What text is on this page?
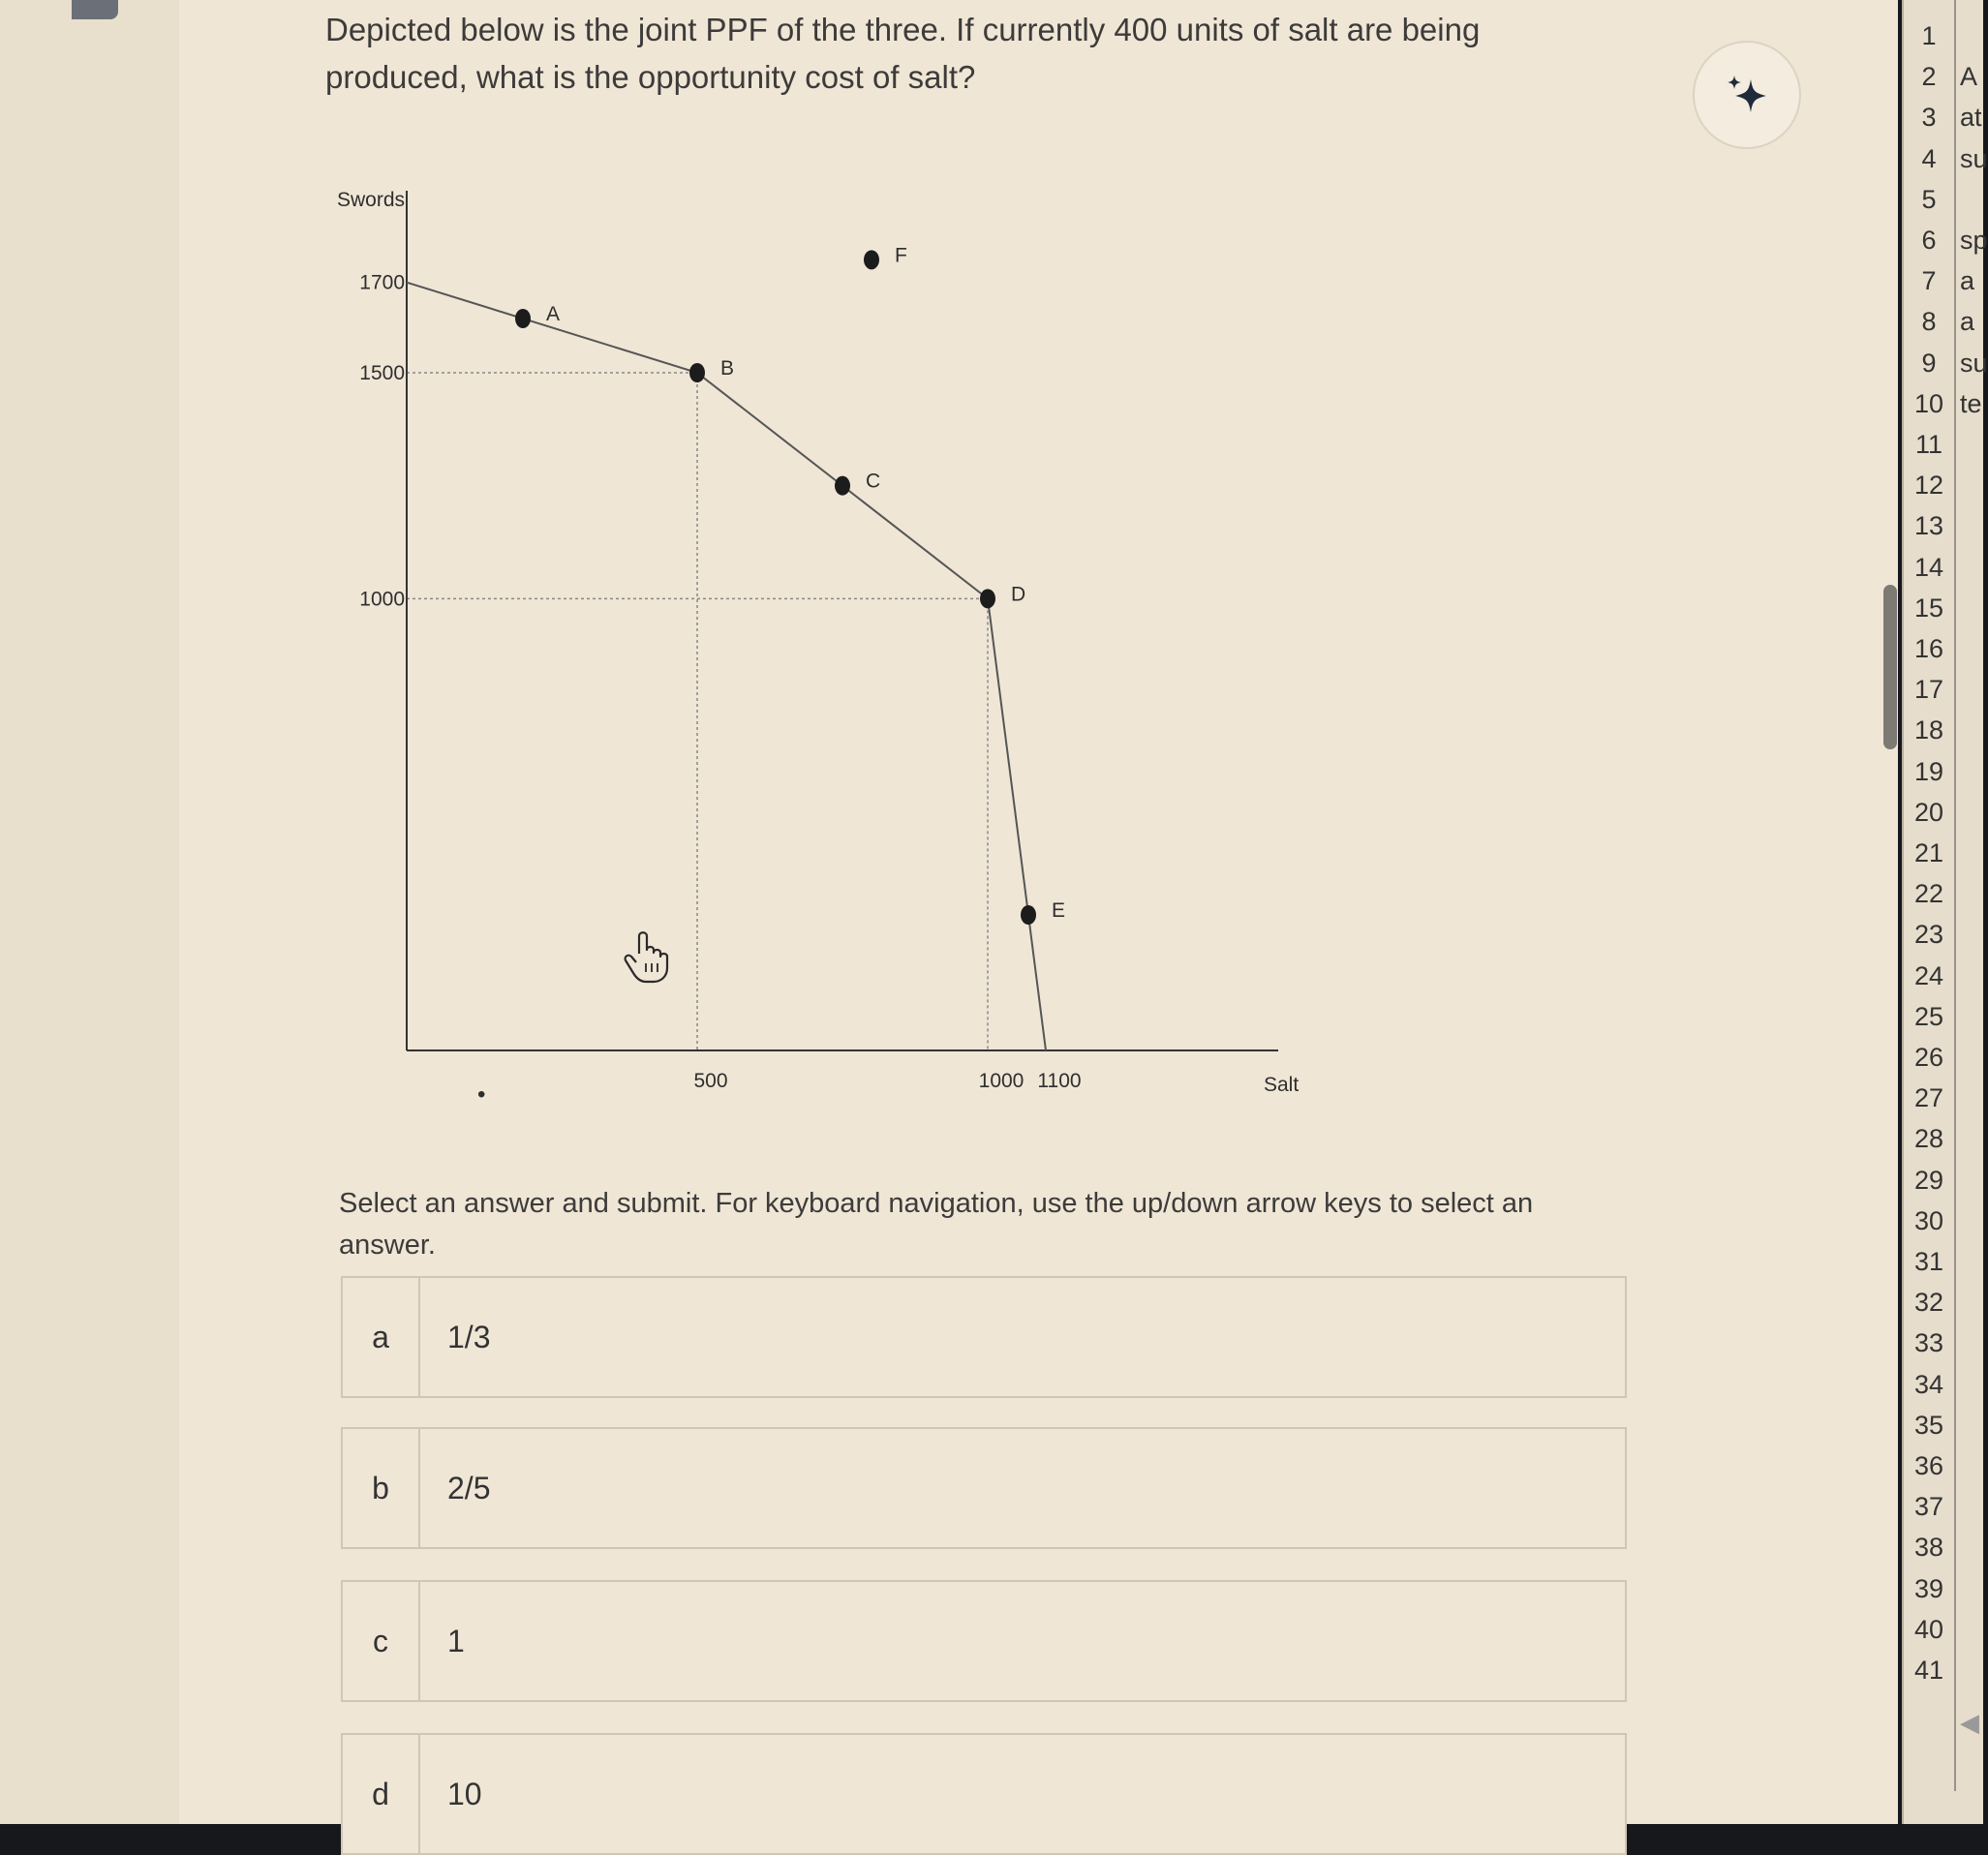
Depicted below is the joint PPF of the three. If currently 400 units of salt are being produced, what is the opportunity cost of salt?
Swords
Salt
1000
1500
1700
500	1000 1100
A
B
C
D
E
F
•
Select an answer and submit. For keyboard navigation, use the up/down arrow keys to select an answer.
a	1/3
b	2/5
c	1
d	10
1
2 A
3 at
4 su
5
6 sp
7 a
8 a
9 su
10 te
11
12
13
14
15
16
17
18
19
20
21
22
23
24
25
26
27
28
29
30
31
32
33
34
35
36
37
38
39
40
41
◀
